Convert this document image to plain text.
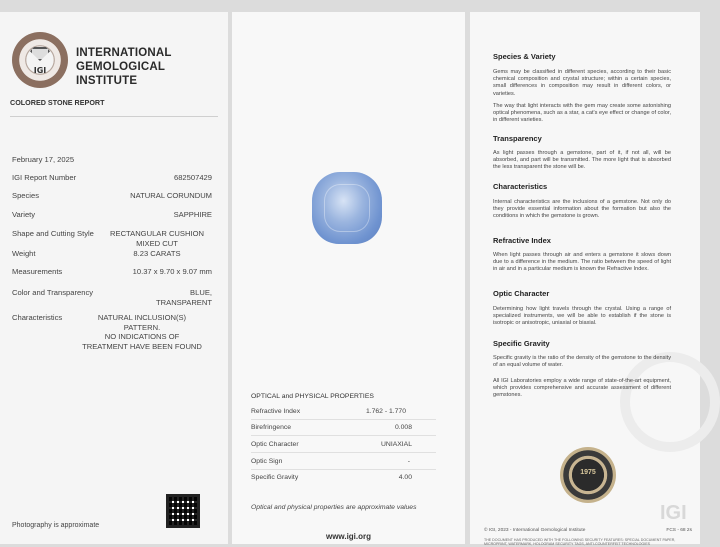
IGI
INTERNATIONAL
GEMOLOGICAL
INSTITUTE
COLORED STONE REPORT
February 17, 2025
IGI Report Number	682507429
Species	NATURAL CORUNDUM
Variety	SAPPHIRE
Shape and Cutting Style	RECTANGULAR CUSHION
MIXED CUT
Weight	8.23 CARATS
Measurements	10.37 x 9.70 x 9.07 mm
Color and Transparency	BLUE,
TRANSPARENT
Characteristics	NATURAL INCLUSION(S)
PATTERN.
NO INDICATIONS OF
TREATMENT HAVE BEEN FOUND
Photography is approximate
OPTICAL and PHYSICAL PROPERTIES
Refractive Index	1.762 - 1.770
Birefringence	0.008
Optic Character	UNIAXIAL
Optic Sign	-
Specific Gravity	4.00
Optical and physical properties are approximate values
www.igi.org
Species & Variety
Gems may be classified in different species, according to their basic chemical composition and crystal structure; within a certain species, small differences in composition may result in different colors, or varieties.
The way that light interacts with the gem may create some astonishing optical phenomena, such as a star, a cat's eye effect or change of color, in different varieties.
Transparency
As light passes through a gemstone, part of it, if not all, will be absorbed, and part will be transmitted. The more light that is absorbed the less transparent the stone will be.
Characteristics
Internal characteristics are the inclusions of a gemstone. Not only do they provide essential information about the formation but also the conditions in which the gemstone is grown.
Refractive Index
When light passes through air and enters a gemstone it slows down due to a difference in the medium. The ratio between the speed of light in air and in a particular medium is known the Refractive Index.
Optic Character
Determining how light travels through the crystal. Using a range of specialized instruments, we will be able to establish if the stone is isotropic or anisotropic, uniaxial or biaxial.
Specific Gravity
Specific gravity is the ratio of the density of the gemstone to the density of an equal volume of water.
All IGI Laboratories employ a wide range of state-of-the-art equipment, which provides comprehensive and accurate assessment of different gemstones.
1975
IGI
© IGI, 2023 - International Gemological Institute	FCS - 68 2s
THE DOCUMENT HAS PRODUCED WITH THE FOLLOWING SECURITY FEATURES: SPECIAL DOCUMENT PAPER, MICROPRINT, WATERMARK, HOLOGRAM SECURITY TAGS, ANTI-COUNTERFEIT TECHNOLOGIES
